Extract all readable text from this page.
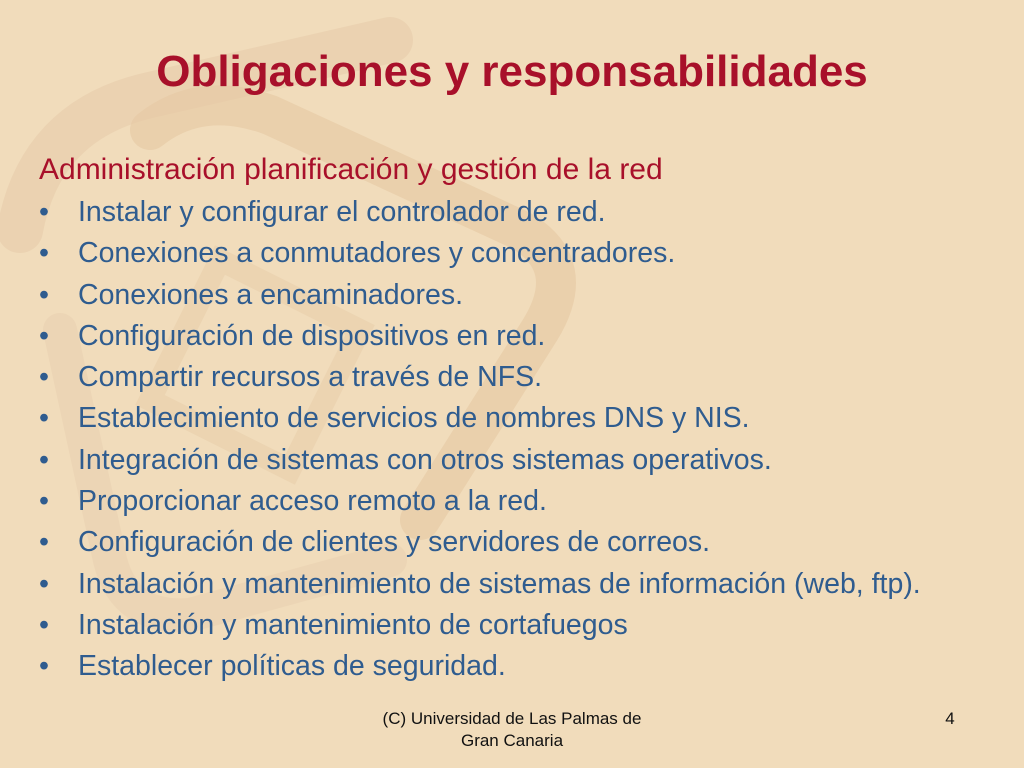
Obligaciones y responsabilidades
Administración planificación y gestión de la red
• Instalar y configurar el controlador de red.
• Conexiones a conmutadores y concentradores.
• Conexiones a encaminadores.
• Configuración de dispositivos en red.
• Compartir recursos a través de NFS.
• Establecimiento de servicios de nombres DNS y NIS.
• Integración de sistemas con otros sistemas operativos.
• Proporcionar acceso remoto a la red.
• Configuración de clientes y servidores de correos.
• Instalación y mantenimiento de sistemas de información (web, ftp).
• Instalación y mantenimiento de cortafuegos
• Establecer políticas de seguridad.
(C) Universidad de Las Palmas de
Gran Canaria
4
